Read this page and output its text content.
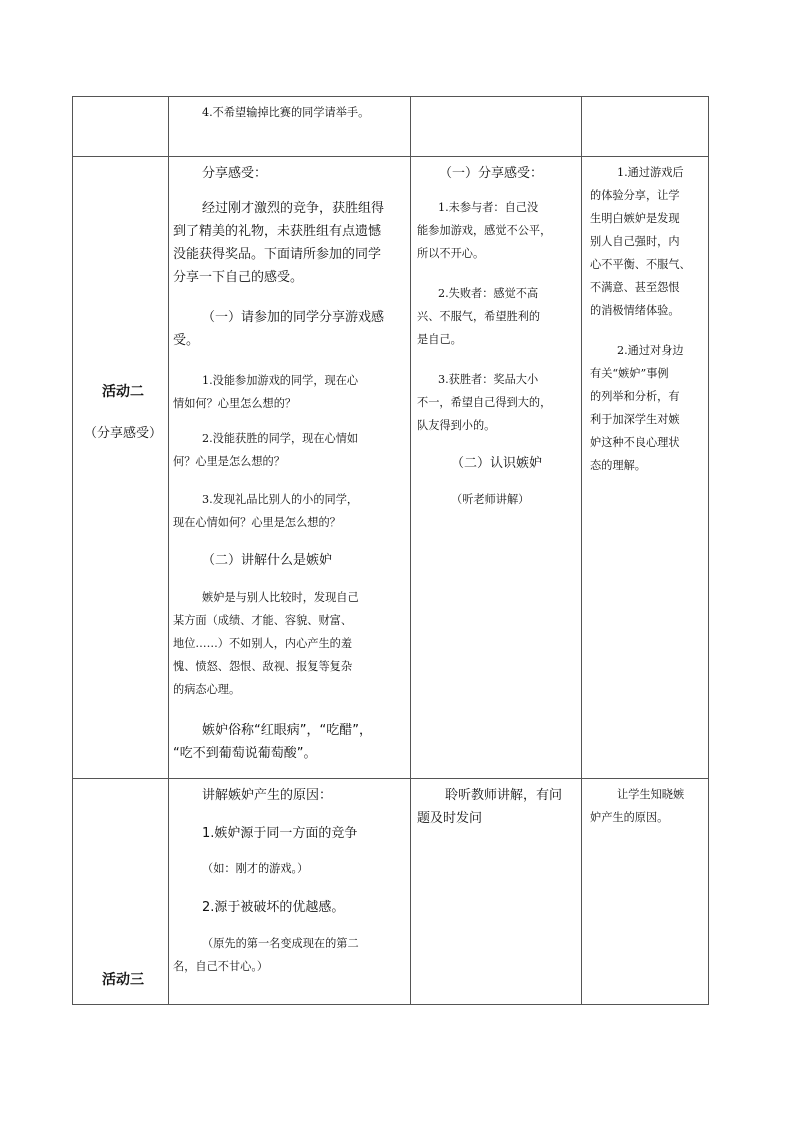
活动二
（分享感受）
活动三
4.不希望输掉比赛的同学请举手。
分享感受：
经过刚才激烈的竞争，获胜组得
到了精美的礼物，未获胜组有点遗憾
没能获得奖品。下面请所参加的同学
分享一下自己的感受。
（一）请参加的同学分享游戏感
受。
1.没能参加游戏的同学，现在心
情如何？心里怎么想的？
2.没能获胜的同学，现在心情如
何？心里是怎么想的？
3.发现礼品比别人的小的同学，
现在心情如何？心里是怎么想的？
（二）讲解什么是嫉妒
嫉妒是与别人比较时，发现自己
某方面（成绩、才能、容貌、财富、
地位……）不如别人，内心产生的羞
愧、愤怒、怨恨、敌视、报复等复杂
的病态心理。
嫉妒俗称“红眼病”，“吃醋”，
“吃不到葡萄说葡萄酸”。
（一）分享感受：
1.未参与者：自己没
能参加游戏，感觉不公平，
所以不开心。
2.失败者：感觉不高
兴、不服气，希望胜利的
是自己。
3.获胜者：奖品大小
不一，希望自己得到大的，
队友得到小的。
（二）认识嫉妒
（听老师讲解）
1.通过游戏后
的体验分享，让学
生明白嫉妒是发现
别人自己强时，内
心不平衡、不服气、
不满意、甚至怨恨
的消极情绪体验。
2.通过对身边
有关“嫉妒”事例
的列举和分析，有
利于加深学生对嫉
妒这种不良心理状
态的理解。
讲解嫉妒产生的原因：
1.嫉妒源于同一方面的竞争
（如：刚才的游戏。）
2.源于被破坏的优越感。
（原先的第一名变成现在的第二
名，自己不甘心。）
聆听教师讲解，有问
题及时发问
让学生知晓嫉
妒产生的原因。
